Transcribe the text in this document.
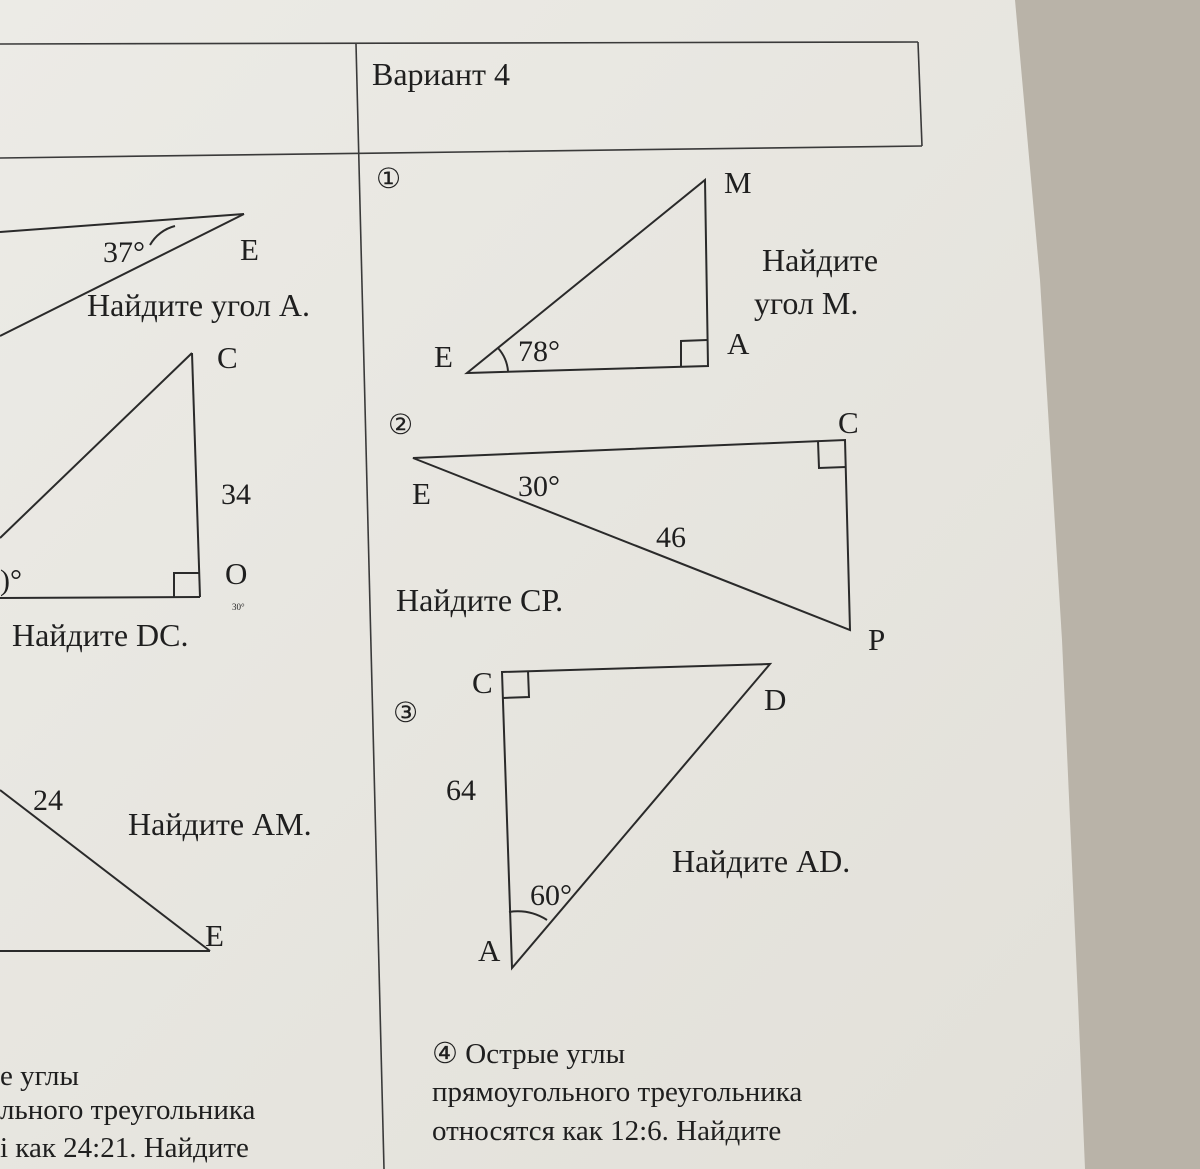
Вариант 4
37°	E
Найдите угол А.
C
34
)°	O
30°
Найдите DC.
24
Найдите АМ.
E
е углы
льного треугольника
і как 24:21. Найдите
①	M
Найдите
угол М.
E 78°	A
②	C
E	30°
46
Найдите СР.
P
C	D
③
64
Найдите AD.
60°
A
④ Острые углы
прямоугольного треугольника
относятся как 12:6. Найдите
